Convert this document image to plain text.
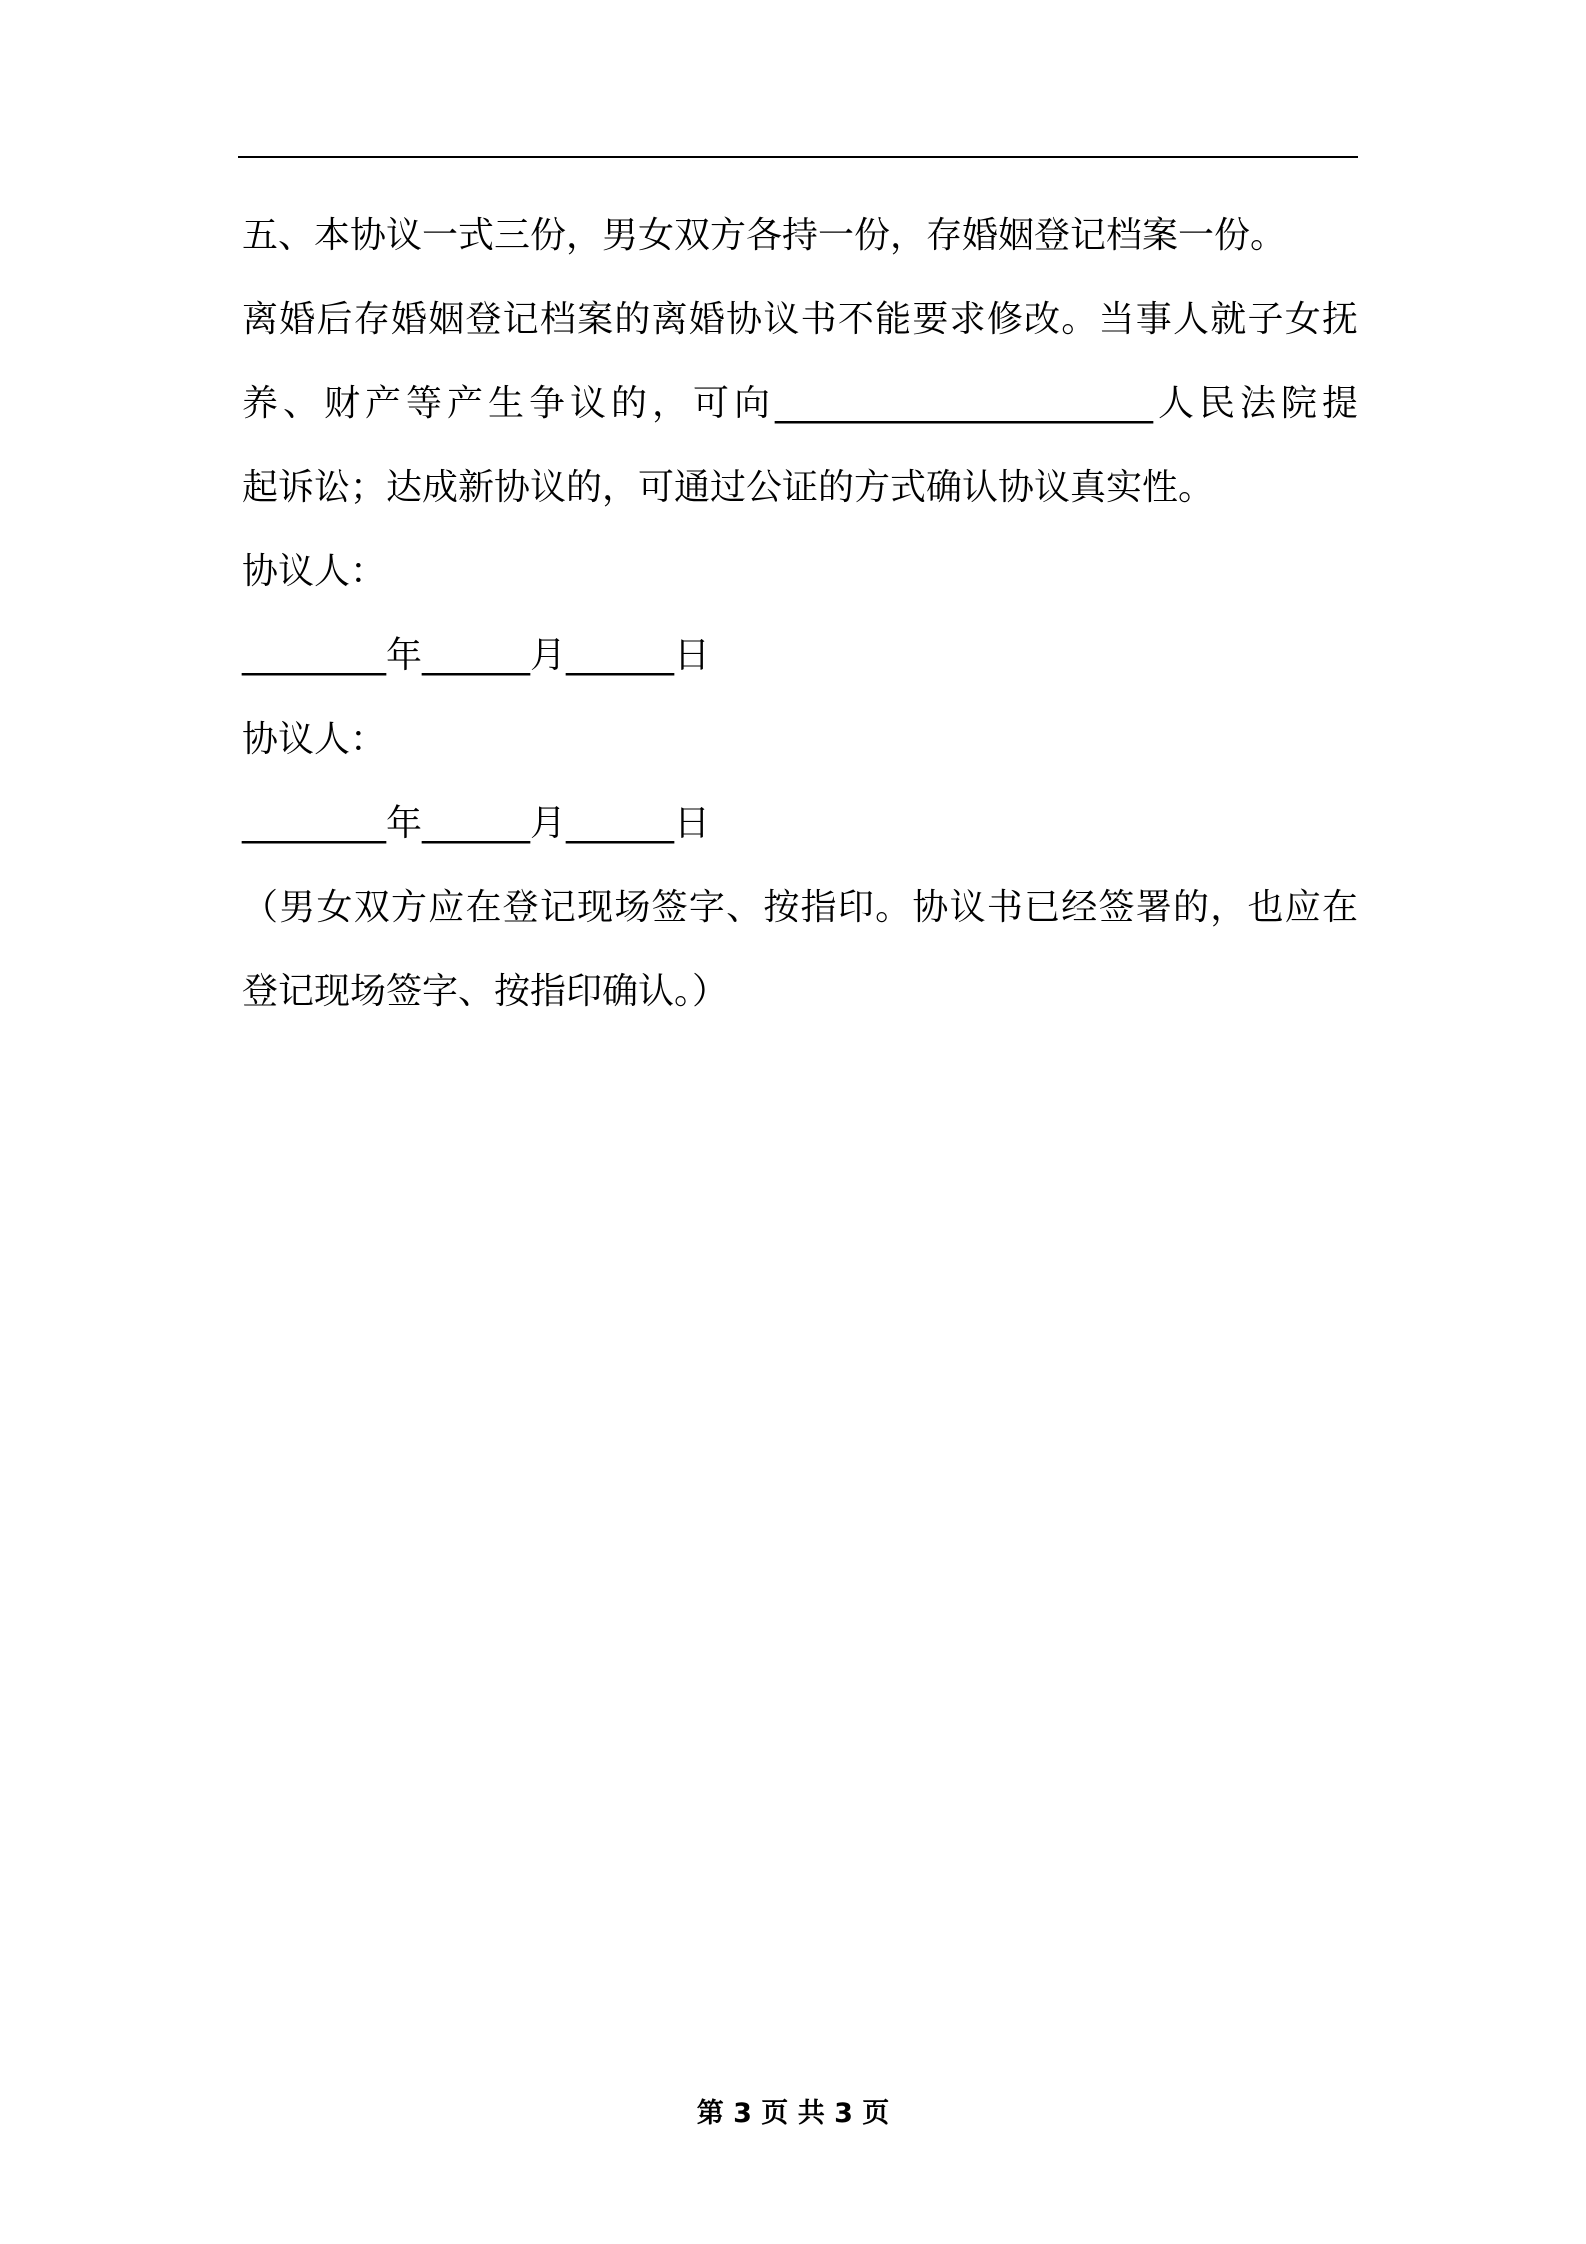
五、本协议一式三份，男女双方各持一份，存婚姻登记档案一份。
离婚后存婚姻登记档案的离婚协议书不能要求修改。当事人就子女抚
养、财产等产生争议的，可向_____________________人民法院提
起诉讼；达成新协议的，可通过公证的方式确认协议真实性。
协议人：
________年______月______日
协议人：
________年______月______日
（男女双方应在登记现场签字、按指印。协议书已经签署的，也应在
登记现场签字、按指印确认。）
第 3 页 共 3 页
